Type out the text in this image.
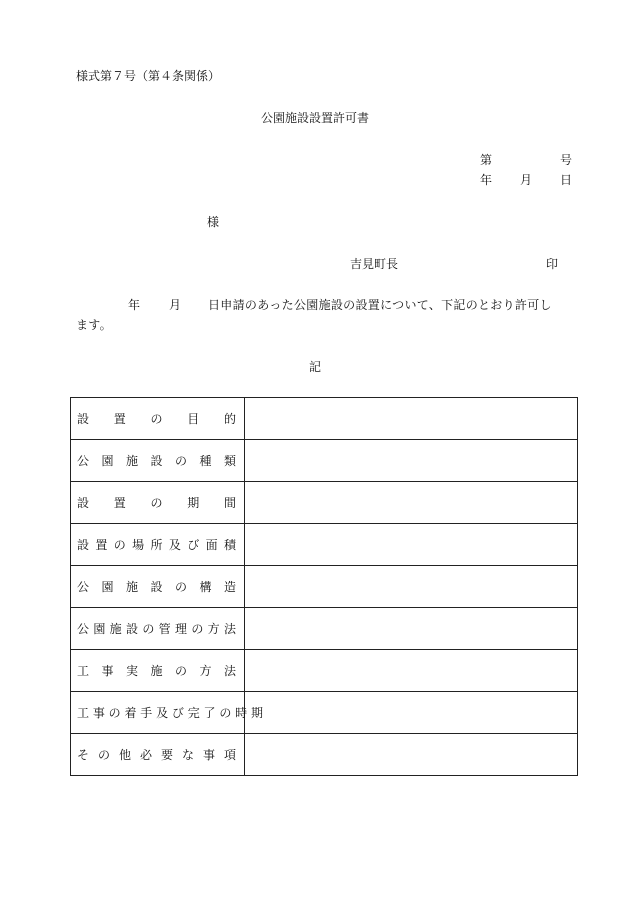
様式第７号（第４条関係）
公園施設設置許可書
第	号
年 月 日
様
吉見町長	印
年 月 日申請のあった公園施設の設置について、下記のとおり許可し
ます。
記
設 置 の 目 的	

公 園 施 設 の 種 類	

設 置 の 期 間	

設 置 の 場 所 及 び 面 積	

公 園 施 設 の 構 造	

公 園 施 設 の 管 理 の 方 法	

工 事 実 施 の 方 法	

工 事 の 着 手 及 び 完 了 の 時 期	

そ の 他 必 要 な 事 項	
